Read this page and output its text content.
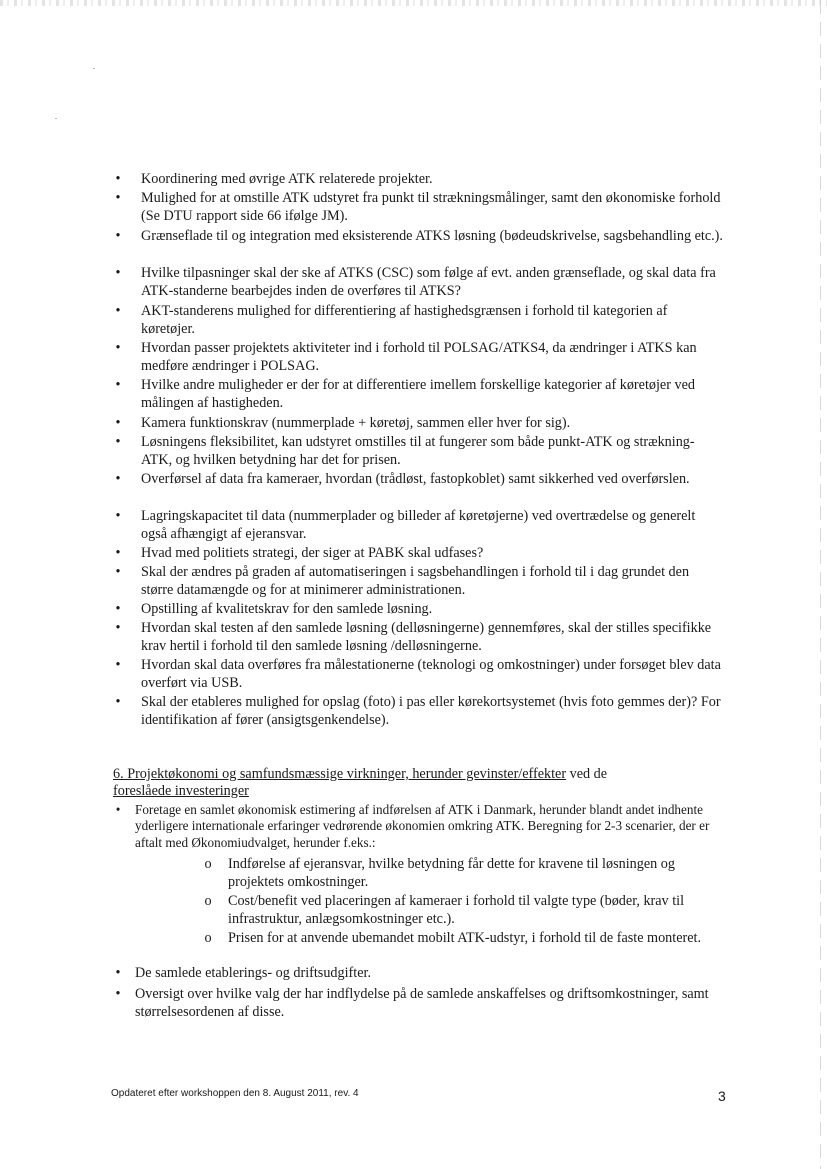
• Koordinering med øvrige ATK relaterede projekter.
• Mulighed for at omstille ATK udstyret fra punkt til strækningsmålinger, samt den økonomiske forhold (Se DTU rapport side 66 ifølge JM).
• Grænseflade til og integration med eksisterende ATKS løsning (bødeudskrivelse, sagsbehandling etc.).
• Hvilke tilpasninger skal der ske af ATKS (CSC) som følge af evt. anden grænseflade, og skal data fra ATK-standerne bearbejdes inden de overføres til ATKS?
• AKT-standerens mulighed for differentiering af hastighedsgrænsen i forhold til kategorien af køretøjer.
• Hvordan passer projektets aktiviteter ind i forhold til POLSAG/ATKS4, da ændringer i ATKS kan medføre ændringer i POLSAG.
• Hvilke andre muligheder er der for at differentiere imellem forskellige kategorier af køretøjer ved målingen af hastigheden.
• Kamera funktionskrav (nummerplade + køretøj, sammen eller hver for sig).
• Løsningens fleksibilitet, kan udstyret omstilles til at fungerer som både punkt-ATK og strækning-ATK, og hvilken betydning har det for prisen.
• Overførsel af data fra kameraer, hvordan (trådløst, fastopkoblet) samt sikkerhed ved overførslen.
• Lagringskapacitet til data (nummerplader og billeder af køretøjerne) ved overtrædelse og generelt også afhængigt af ejeransvar.
• Hvad med politiets strategi, der siger at PABK skal udfases?
• Skal der ændres på graden af automatiseringen i sagsbehandlingen i forhold til i dag grundet den større datamængde og for at minimerer administrationen.
• Opstilling af kvalitetskrav for den samlede løsning.
• Hvordan skal testen af den samlede løsning (delløsningerne) gennemføres, skal der stilles specifikke krav hertil i forhold til den samlede løsning /delløsningerne.
• Hvordan skal data overføres fra målestationerne (teknologi og omkostninger) under forsøget blev data overført via USB.
• Skal der etableres mulighed for opslag (foto) i pas eller kørekortsystemet (hvis foto gemmes der)? For identifikation af fører (ansigtsgenkendelse).
6. Projektøkonomi og samfundsmæssige virkninger, herunder gevinster/effekter ved de
foreslåede investeringer
• Foretage en samlet økonomisk estimering af indførelsen af ATK i Danmark, herunder blandt andet indhente yderligere internationale erfaringer vedrørende økonomien omkring ATK. Beregning for 2-3 scenarier, der er aftalt med Økonomiudvalget, herunder f.eks.:
o Indførelse af ejeransvar, hvilke betydning får dette for kravene til løsningen og projektets omkostninger.
o Cost/benefit ved placeringen af kameraer i forhold til valgte type (bøder, krav til infrastruktur, anlægsomkostninger etc.).
o Prisen for at anvende ubemandet mobilt ATK-udstyr, i forhold til de faste monteret.
• De samlede etablerings- og driftsudgifter.
• Oversigt over hvilke valg der har indflydelse på de samlede anskaffelses og driftsomkostninger, samt størrelsesordenen af disse.
Opdateret efter workshoppen den 8. August 2011, rev. 4	3
